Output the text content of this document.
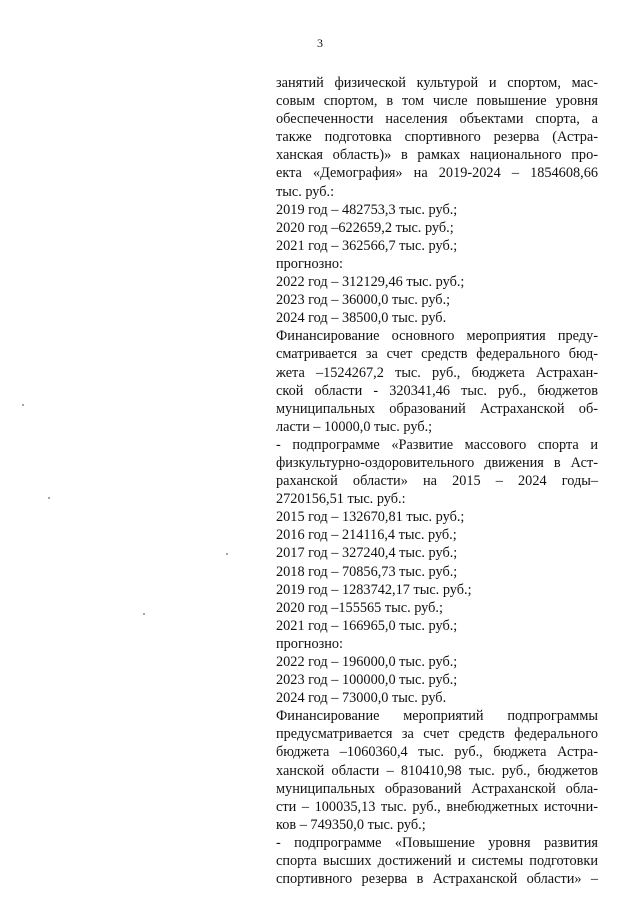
3
занятий физической культурой и спортом, мас-
совым спортом, в том числе повышение уровня
обеспеченности населения объектами спорта, а
также подготовка спортивного резерва (Астра-
ханская область)» в рамках национального про-
екта «Демография» на 2019-2024 – 1854608,66
тыс. руб.:
2019 год – 482753,3 тыс. руб.;
2020 год –622659,2 тыс. руб.;
2021 год – 362566,7 тыс. руб.;
прогнозно:
2022 год – 312129,46 тыс. руб.;
2023 год – 36000,0 тыс. руб.;
2024 год – 38500,0 тыс. руб.
Финансирование основного мероприятия преду-
сматривается за счет средств федерального бюд-
жета –1524267,2 тыс. руб., бюджета Астрахан-
ской области - 320341,46 тыс. руб., бюджетов
муниципальных образований Астраханской об-
ласти – 10000,0 тыс. руб.;
- подпрограмме «Развитие массового спорта и
физкультурно-оздоровительного движения в Аст-
раханской области» на 2015 – 2024 годы–
2720156,51 тыс. руб.:
2015 год – 132670,81 тыс. руб.;
2016 год – 214116,4 тыс. руб.;
2017 год – 327240,4 тыс. руб.;
2018 год – 70856,73 тыс. руб.;
2019 год – 1283742,17 тыс. руб.;
2020 год –155565 тыс. руб.;
2021 год – 166965,0 тыс. руб.;
прогнозно:
2022 год – 196000,0 тыс. руб.;
2023 год – 100000,0 тыс. руб.;
2024 год – 73000,0 тыс. руб.
Финансирование мероприятий подпрограммы
предусматривается за счет средств федерального
бюджета –1060360,4 тыс. руб., бюджета Астра-
ханской области – 810410,98 тыс. руб., бюджетов
муниципальных образований Астраханской обла-
сти – 100035,13 тыс. руб., внебюджетных источни-
ков – 749350,0 тыс. руб.;
- подпрограмме «Повышение уровня развития
спорта высших достижений и системы подготовки
спортивного резерва в Астраханской области» –
